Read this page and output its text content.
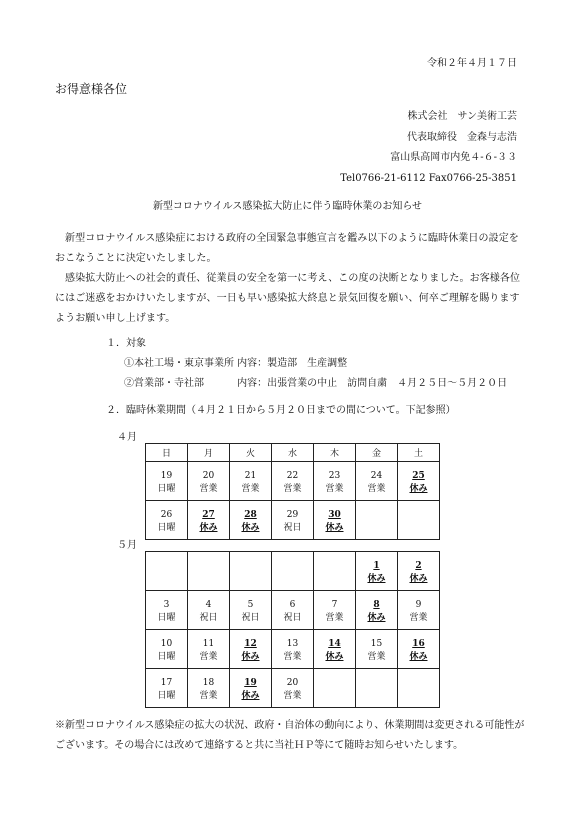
令和２年４月１７日
お得意様各位
株式会社　サン美術工芸
代表取締役　金森与志浩
富山県高岡市内免４-６-３３
Tel0766-21-6112 Fax0766-25-3851
新型コロナウイルス感染拡大防止に伴う臨時休業のお知らせ

新型コロナウイルス感染症における政府の全国緊急事態宣言を鑑み以下のように臨時休業日の設定をおこなうことに決定いたしました。

感染拡大防止への社会的責任、従業員の安全を第一に考え、この度の決断となりました。お客様各位にはご迷惑をおかけいたしますが、一日も早い感染拡大終息と景気回復を願い、何卒ご理解を賜りますようお願い申し上げます。

１．対象
①本社工場・東京事業所 内容：製造部　生産調整
②営業部・寺社部　　　 内容：出張営業の中止　訪問自粛　４月２５日～５月２０日
２．臨時休業期間（４月２１日から５月２０日までの間について。下記参照）
４月
日	月	火	水	木	金	土
19	20	21	22	23	24	25
日曜	営業	営業	営業	営業	営業	休み
26	27	28	29	30		
日曜	休み	休み	祝日	休み		
５月
					1	2
					休み	休み
3	4	5	6	7	8	9
日曜	祝日	祝日	祝日	営業	休み	営業
10	11	12	13	14	15	16
日曜	営業	休み	営業	休み	営業	休み
17	18	19	20			
日曜	営業	休み	営業			
※新型コロナウイルス感染症の拡大の状況、政府・自治体の動向により、休業期間は変更される可能性がございます。その場合には改めて連絡すると共に当社ＨＰ等にて随時お知らせいたします。
